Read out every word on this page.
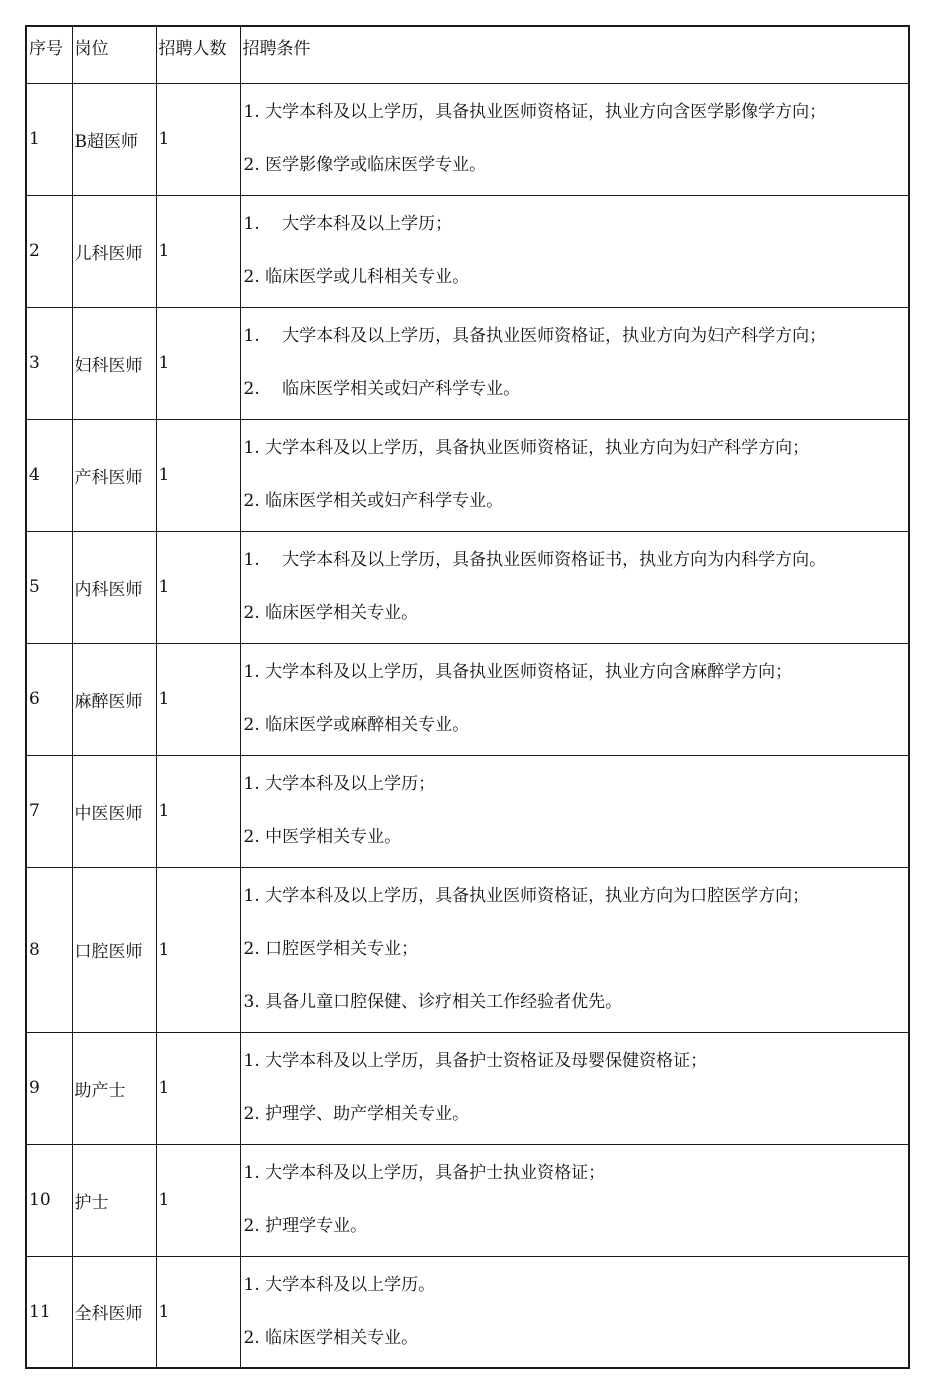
序号	岗位	招聘人数	招聘条件
1	B超医师	1	1. 大学本科及以上学历，具备执业医师资格证，执业方向含医学影像学方向；
2. 医学影像学或临床医学专业。

2	儿科医师	1	1.　 大学本科及以上学历；
2. 临床医学或儿科相关专业。

3	妇科医师	1	1.　 大学本科及以上学历，具备执业医师资格证，执业方向为妇产科学方向；
2.　 临床医学相关或妇产科学专业。

4	产科医师	1	1. 大学本科及以上学历，具备执业医师资格证，执业方向为妇产科学方向；
2. 临床医学相关或妇产科学专业。

5	内科医师	1	1.　 大学本科及以上学历，具备执业医师资格证书，执业方向为内科学方向。
2. 临床医学相关专业。

6	麻醉医师	1	1. 大学本科及以上学历，具备执业医师资格证，执业方向含麻醉学方向；
2. 临床医学或麻醉相关专业。

7	中医医师	1	1. 大学本科及以上学历；
2. 中医学相关专业。

8	口腔医师	1	1. 大学本科及以上学历，具备执业医师资格证，执业方向为口腔医学方向；
2. 口腔医学相关专业；
3. 具备儿童口腔保健、诊疗相关工作经验者优先。

9	助产士	1	1. 大学本科及以上学历，具备护士资格证及母婴保健资格证；
2. 护理学、助产学相关专业。

10	护士	1	1. 大学本科及以上学历，具备护士执业资格证；
2. 护理学专业。

11	全科医师	1	1. 大学本科及以上学历。
2. 临床医学相关专业。
